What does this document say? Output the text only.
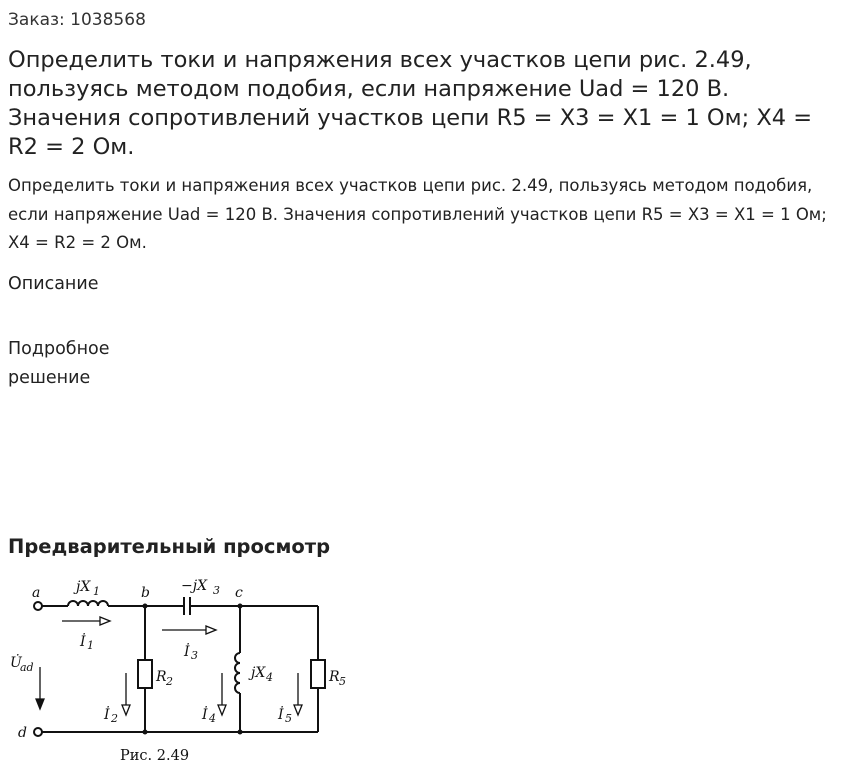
Заказ: 1038568
Определить токи и напряжения всех участков цепи рис. 2.49, пользуясь методом подобия, если напряжение Uad = 120 В. Значения сопротивлений участков цепи R5 = X3 = X1 = 1 Ом; X4 = R2 = 2 Ом.
Определить токи и напряжения всех участков цепи рис. 2.49, пользуясь методом подобия, если напряжение Uad = 120 В. Значения сопротивлений участков цепи R5 = X3 = X1 = 1 Ом; X4 = R2 = 2 Ом.
Описание
Подробное решение
Предварительный просмотр
a	b	c
d
jX 1	−jX 3
R 2
jX 4	R 5
İ 1	İ 3
İ 2	İ 4	İ 5
U̇
ad
Рис. 2.49
